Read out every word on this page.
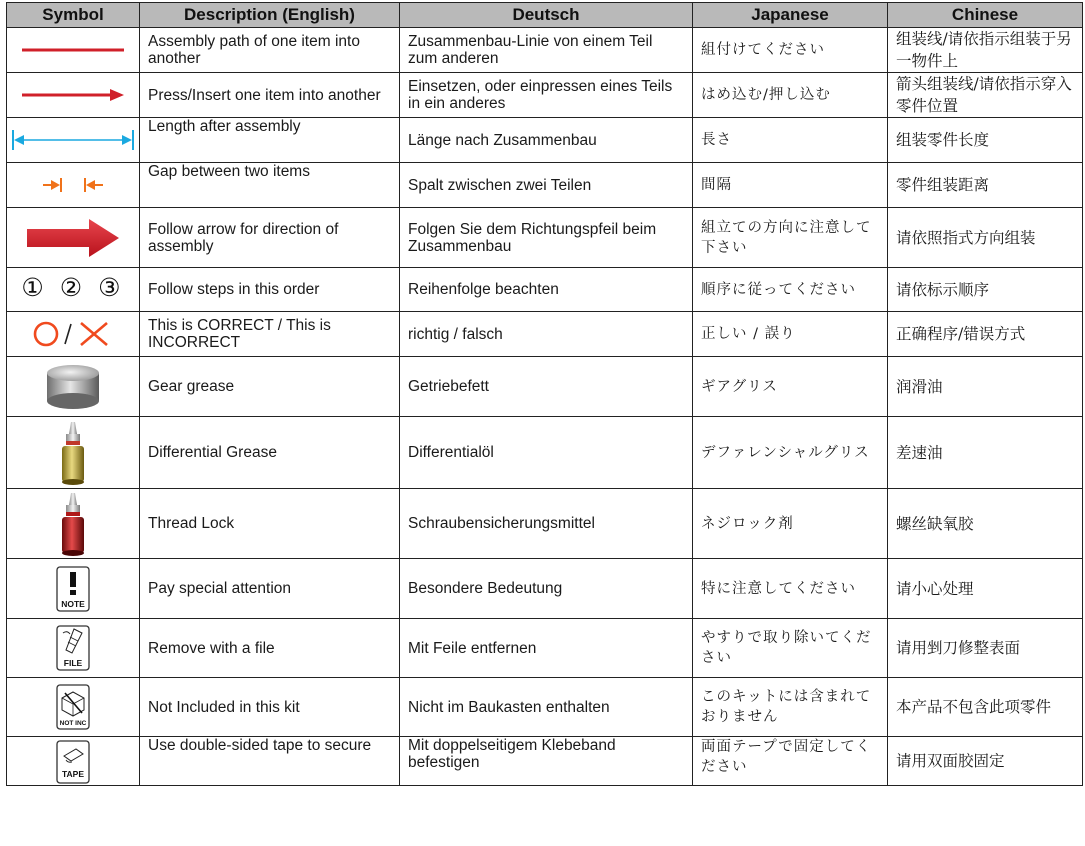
Symbol	Description (English)	Deutsch	Japanese	Chinese

	Assembly path of one item into another	Zusammenbau-Linie von einem Teil zum anderen	組付けてください	组装线/请依指示组装于另一物件上

	Press/Insert one item into another	Einsetzen, oder einpressen eines Teils in ein anderes	はめ込む/押し込む	箭头组装线/请依指示穿入零件位置

	Length after assembly	Länge nach Zusammenbau	長さ	组装零件长度

	Gap between two items	Spalt zwischen zwei Teilen	間隔	零件组装距离

	Follow arrow for direction of assembly	Folgen Sie dem Richtungspfeil beim Zusammenbau	組立ての方向に注意して下さい	请依照指式方向组装
① ② ③	Follow steps in this order	Reihenfolge beachten	順序に従ってください	请依标示顺序

	This is CORRECT / This is INCORRECT	richtig / falsch	正しい / 誤り	正确程序/错误方式

	Gear grease	Getriebefett	ギアグリス	润滑油

	Differential Grease	Differentialöl	デファレンシャルグリス	差速油

	Thread Lock	Schraubensicherungsmittel	ネジロック剤	螺丝缺氧胶

NOTE	Pay special attention	Besondere Bedeutung	特に注意してください	请小心处理

FILE	Remove with a file	Mit Feile entfernen	やすりで取り除いてください	请用剉刀修整表面

NOT INC	Not Included in this kit	Nicht im Baukasten enthalten	このキットには含まれておりません	本产品不包含此项零件

TAPE	Use double-sided tape to secure	Mit doppelseitigem Klebeband befestigen	両面テープで固定してください	请用双面胶固定
